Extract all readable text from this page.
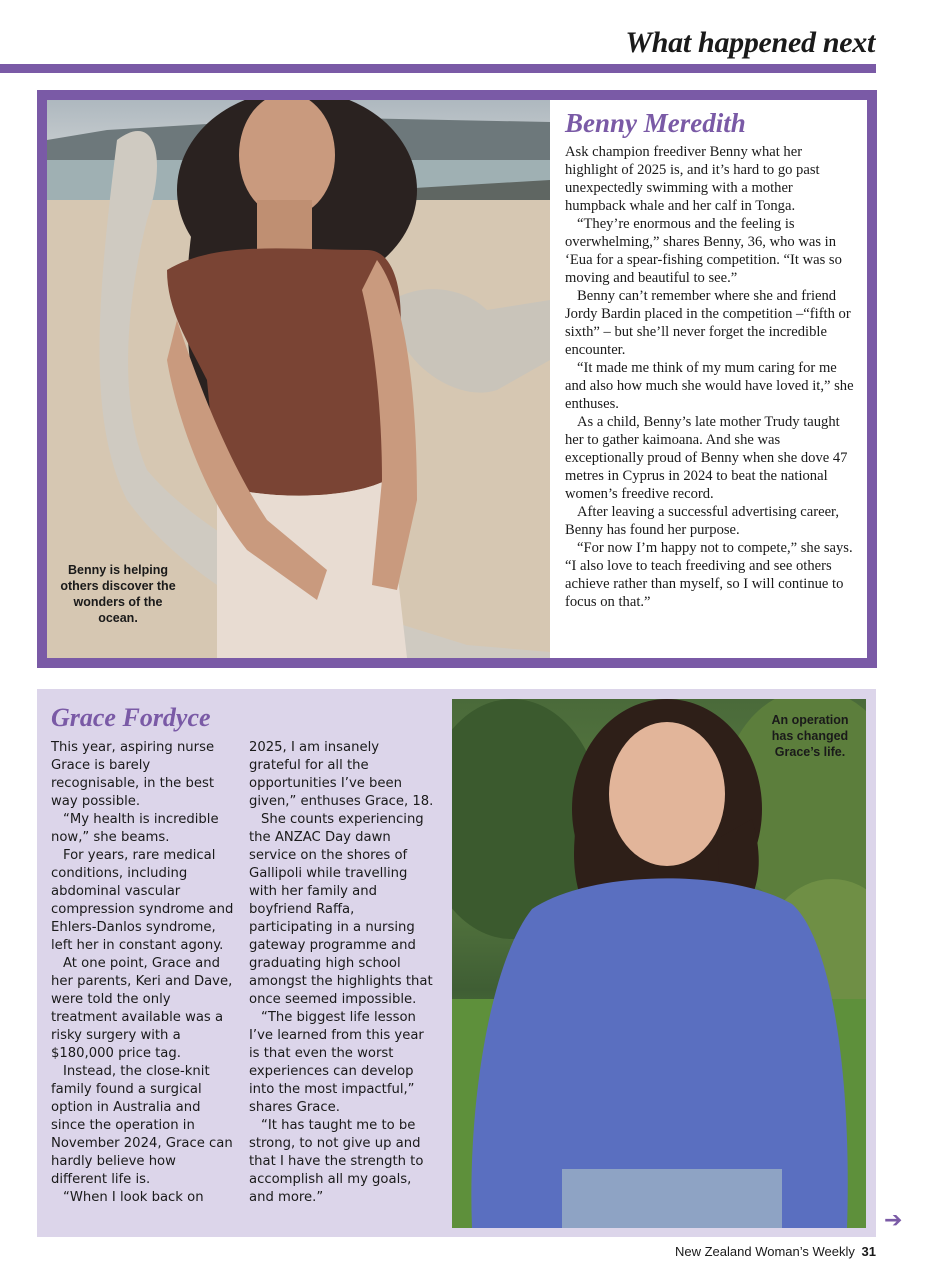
What happened next
Benny is helping others discover the wonders of the ocean.
Benny Meredith

Ask champion freediver Benny what her highlight of 2025 is, and it’s hard to go past unexpectedly swimming with a mother humpback whale and her calf in Tonga.

“They’re enormous and the feeling is overwhelming,” shares Benny, 36, who was in ‘Eua for a spear-fishing competition. “It was so moving and beautiful to see.”

Benny can’t remember where she and friend Jordy Bardin placed in the competition –“fifth or sixth” – but she’ll never forget the incredible encounter.

“It made me think of my mum caring for me and also how much she would have loved it,” she enthuses.

As a child, Benny’s late mother Trudy taught her to gather kaimoana. And she was exceptionally proud of Benny when she dove 47 metres in Cyprus in 2024 to beat the national women’s freedive record.

After leaving a successful advertising career, Benny has found her purpose.

“For now I’m happy not to compete,” she says. “I also love to teach freediving and see others achieve rather than myself, so I will continue to focus on that.”

Grace Fordyce

This year, aspiring nurse Grace is barely recognisable, in the best way possible.

“My health is incredible now,” she beams.

For years, rare medical conditions, including abdominal vascular compression syndrome and Ehlers-Danlos syndrome, left her in constant agony.

At one point, Grace and her parents, Keri and Dave, were told the only treatment available was a risky surgery with a $180,000 price tag.

Instead, the close-knit family found a surgical option in Australia and since the operation in November 2024, Grace can hardly believe how different life is.

“When I look back on

2025, I am insanely grateful for all the opportunities I’ve been given,” enthuses Grace, 18.

She counts experiencing the ANZAC Day dawn service on the shores of Gallipoli while travelling with her family and boyfriend Raffa, participating in a nursing gateway programme and graduating high school amongst the highlights that once seemed impossible.

“The biggest life lesson I’ve learned from this year is that even the worst experiences can develop into the most impactful,” shares Grace.

“It has taught me to be strong, to not give up and that I have the strength to accomplish all my goals, and more.”

An operation has changed Grace’s life.
➔
New Zealand Woman’s Weekly 31
